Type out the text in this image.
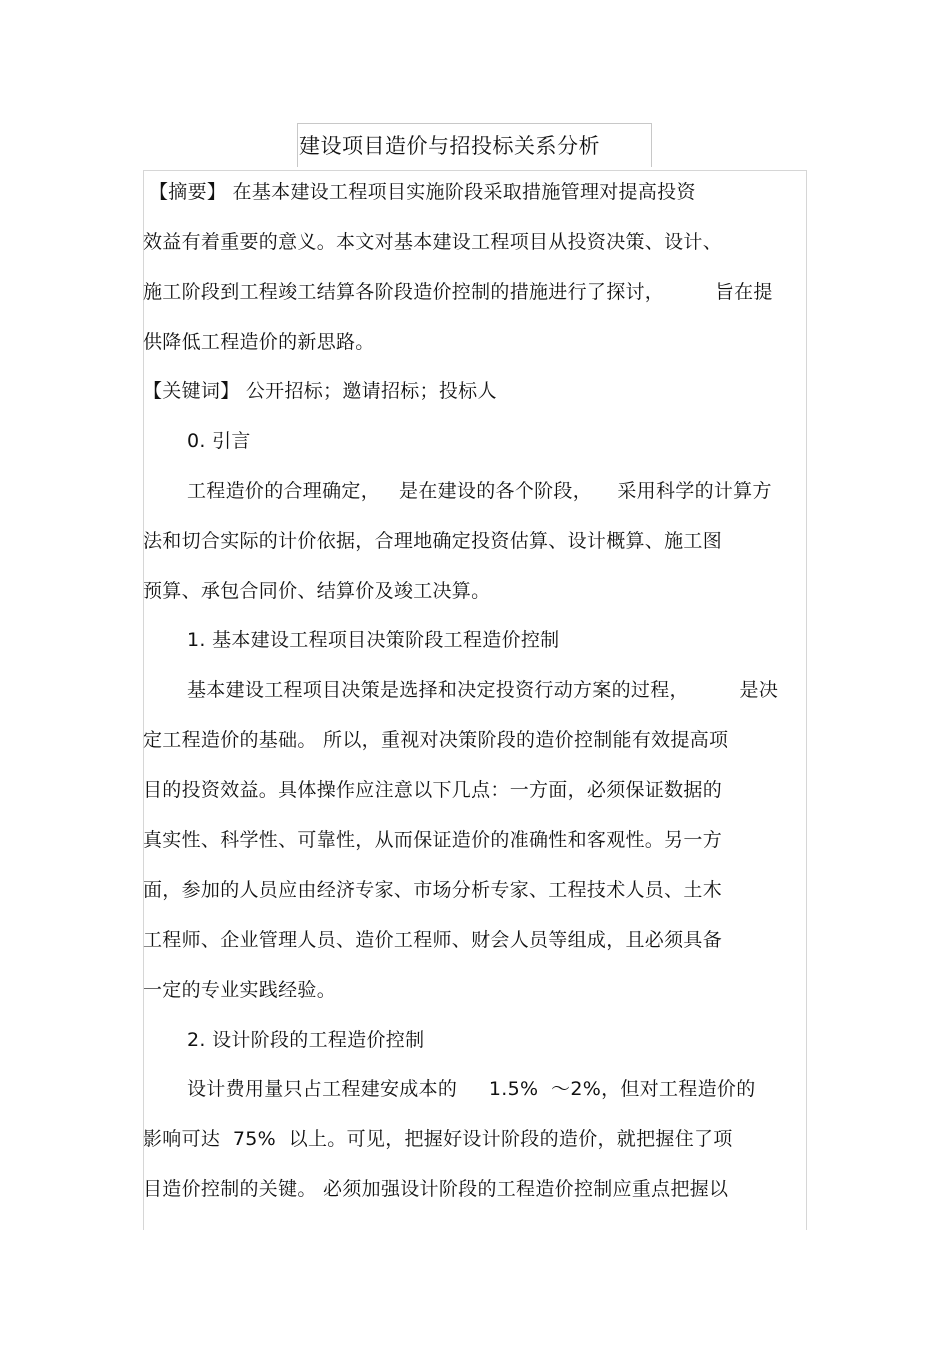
建设项目造价与招投标关系分析
【摘要】 在基本建设工程项目实施阶段采取措施管理对提高投资
效益有着重要的意义。本文对基本建设工程项目从投资决策、设计、
施工阶段到工程竣工结算各阶段造价控制的措施进行了探讨，        旨在提
供降低工程造价的新思路。
【关键词】 公开招标；邀请招标；投标人
0. 引言
工程造价的合理确定，   是在建设的各个阶段，    采用科学的计算方
法和切合实际的计价依据，合理地确定投资估算、设计概算、施工图
预算、承包合同价、结算价及竣工决算。
1. 基本建设工程项目决策阶段工程造价控制
基本建设工程项目决策是选择和决定投资行动方案的过程，        是决
定工程造价的基础。 所以，重视对决策阶段的造价控制能有效提高项
目的投资效益。具体操作应注意以下几点：一方面，必须保证数据的
真实性、科学性、可靠性，从而保证造价的准确性和客观性。另一方
面，参加的人员应由经济专家、市场分析专家、工程技术人员、土木
工程师、企业管理人员、造价工程师、财会人员等组成，且必须具备
一定的专业实践经验。
2. 设计阶段的工程造价控制
设计费用量只占工程建安成本的     1.5%  ～2%，但对工程造价的
影响可达  75%  以上。可见，把握好设计阶段的造价，就把握住了项
目造价控制的关键。 必须加强设计阶段的工程造价控制应重点把握以
